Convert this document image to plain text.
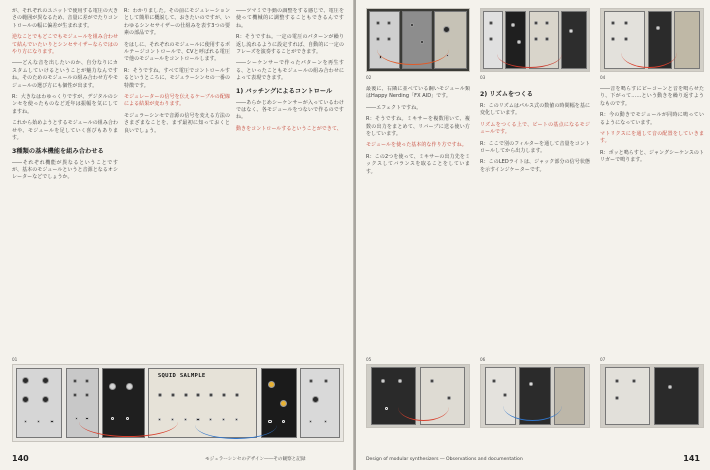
が、それぞれのユニットで使用する電圧の大きさの範囲が異なるため、音量に差がでたりコントロールの幅に偏差が生まれます。

逆なことでもどこでもモジュールを組み合わせて結んでいたいりとシンセサイザーならではのやり方になります。

――どんな音を出したいのか、自分なりにカスタムしていけるということが魅力なんですね。そのためのモジュールの組み合わせ方やモジュールの選び方にも個性が出ます。

R：大きなはわゆっくりですが、デジタルのシンセを使ったものなど近年は振幅を気にしてますね。

これから始めようとするモジュールの組み合わせや、モジュールを足していく喜びもあります。

3種類の基本機能を組み合わせる

――それぞれ機能が異なるということですが、基本のモジュールというと音源となるオシレーターなどでしょうか。

R：わかりました。その前にモジュレーションとして簡単に概説して、おきたいのですが、いわゆるシンセサイザーの仕組みを表す3つの要素の部品です。

をはしに、それぞれのモジュールに使用するボルテージコントロールで、CVと呼ばれる電圧で他のモジュールをコントロールします。

R：そうですね。すべて電圧でコントロールするというところに、モジュラーシンセの一番の特徴です。

モジュレーターの信号を伝えるケーブルの配線による結果が変わります。

モジュラーシンセで音源の信号を変える方法のさまざまなことを、まず最初に知っておくと良いでしょう。

――ツマミで手動の調整をする感じで、電圧を使って機械的に調整することもできるんですね。

R：そうですね。一定の電圧のパターンが繰り返し流れるように設定すれば、自動的に一定のフレーズを演奏することができます。

――シーケンサーで作ったパターンを再生する、といったこともモジュールの組み合わせによって表現できます。

1) バッチングによるコントロール

――あらかじめシーケンサーが入っているわけではなく、各モジュールをつないで作るのですね。

動きをコントロールするということができて、

01
SQUID SALMPLE
140	モジュラーシンセのデザイン――その観察と記録
02	03	04

最後に、右隣に並べている鋼いモジュール類はHappy Nerding「FX AID」です。

――エフェクトですね。

R：そうですね。ミキサーを複数用いて、複数の出力をまとめて、リバーブに送る使い方をしています。

モジュールを使った基本的な作り方ですね。

R：この2つを使って、ミキサーの出力先をミックスしてバランスを取ることをしています。

2) リズムをつくる

R：このリズムはパルス式の数値の時間幅を基に変化しています。

リズムをつくる上で、ビートの基点になるモジュールです。

R：ここで別のフィルターを通して音量をコントロールしてから出力します。

R：このLEDライトは、ジャック部分の信号状態を示すインジケーターです。

――音を鳴らすにビーコーンと音を鳴らせたり、下がって……という動きを繰り返すようなものです。

R：今の動きでモジュールが同時に鳴っているようになっています。

マトリクスにを通して音の配置をしていきます。

R：ポッと鳴らすと、ジャングシーケンスのトリガーで鳴ります。

05	06	07
Design of modular synthesizers ― Observations and documentation	141
